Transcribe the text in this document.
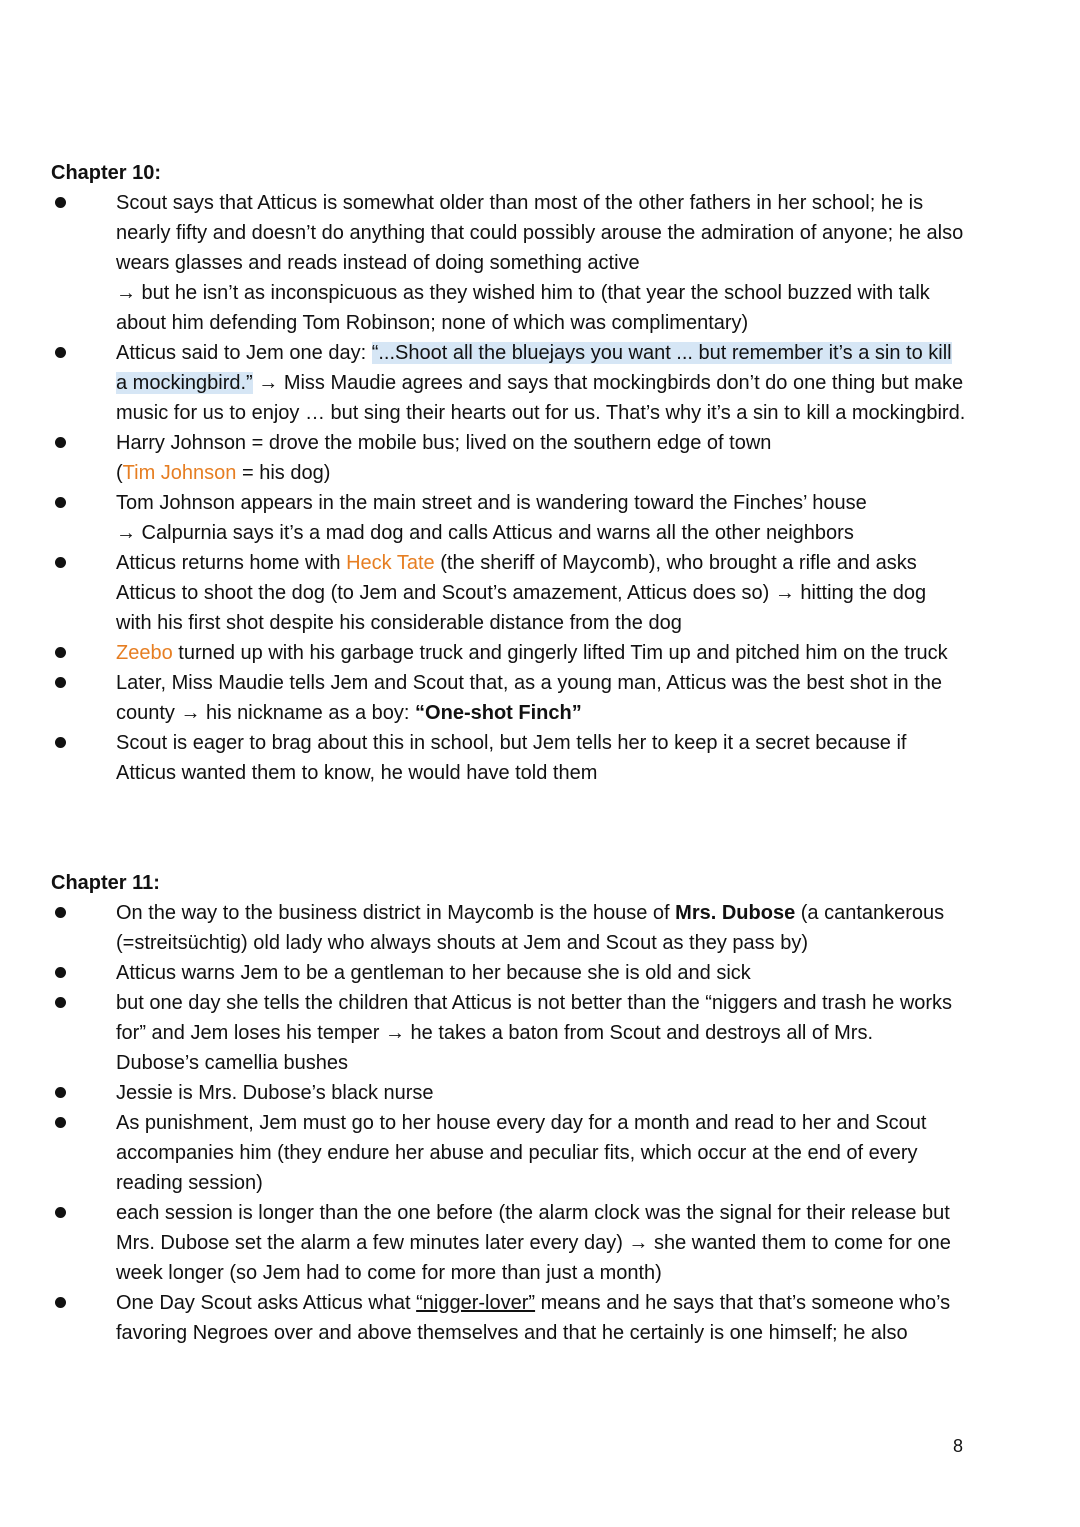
Chapter 10:
Scout says that Atticus is somewhat older than most of the other fathers in her school; he is
nearly fifty and doesn’t do anything that could possibly arouse the admiration of anyone; he also
wears glasses and reads instead of doing something active
→ but he isn’t as inconspicuous as they wished him to (that year the school buzzed with talk
about him defending Tom Robinson; none of which was complimentary)
Atticus said to Jem one day: “...Shoot all the bluejays you want ... but remember it’s a sin to kill
a mockingbird.” → Miss Maudie agrees and says that mockingbirds don’t do one thing but make
music for us to enjoy … but sing their hearts out for us. That’s why it’s a sin to kill a mockingbird.
Harry Johnson = drove the mobile bus; lived on the southern edge of town
(Tim Johnson = his dog)
Tom Johnson appears in the main street and is wandering toward the Finches’ house
→ Calpurnia says it’s a mad dog and calls Atticus and warns all the other neighbors
Atticus returns home with Heck Tate (the sheriff of Maycomb), who brought a rifle and asks
Atticus to shoot the dog (to Jem and Scout’s amazement, Atticus does so) → hitting the dog
with his first shot despite his considerable distance from the dog
Zeebo turned up with his garbage truck and gingerly lifted Tim up and pitched him on the truck
Later, Miss Maudie tells Jem and Scout that, as a young man, Atticus was the best shot in the
county → his nickname as a boy: “One-shot Finch”
Scout is eager to brag about this in school, but Jem tells her to keep it a secret because if
Atticus wanted them to know, he would have told them
Chapter 11:
On the way to the business district in Maycomb is the house of Mrs. Dubose (a cantankerous
(=streitsüchtig) old lady who always shouts at Jem and Scout as they pass by)
Atticus warns Jem to be a gentleman to her because she is old and sick
but one day she tells the children that Atticus is not better than the “niggers and trash he works
for” and Jem loses his temper → he takes a baton from Scout and destroys all of Mrs.
Dubose’s camellia bushes
Jessie is Mrs. Dubose’s black nurse
As punishment, Jem must go to her house every day for a month and read to her and Scout
accompanies him (they endure her abuse and peculiar fits, which occur at the end of every
reading session)
each session is longer than the one before (the alarm clock was the signal for their release but
Mrs. Dubose set the alarm a few minutes later every day) → she wanted them to come for one
week longer (so Jem had to come for more than just a month)
One Day Scout asks Atticus what “nigger-lover” means and he says that that’s someone who’s
favoring Negroes over and above themselves and that he certainly is one himself; he also
8
